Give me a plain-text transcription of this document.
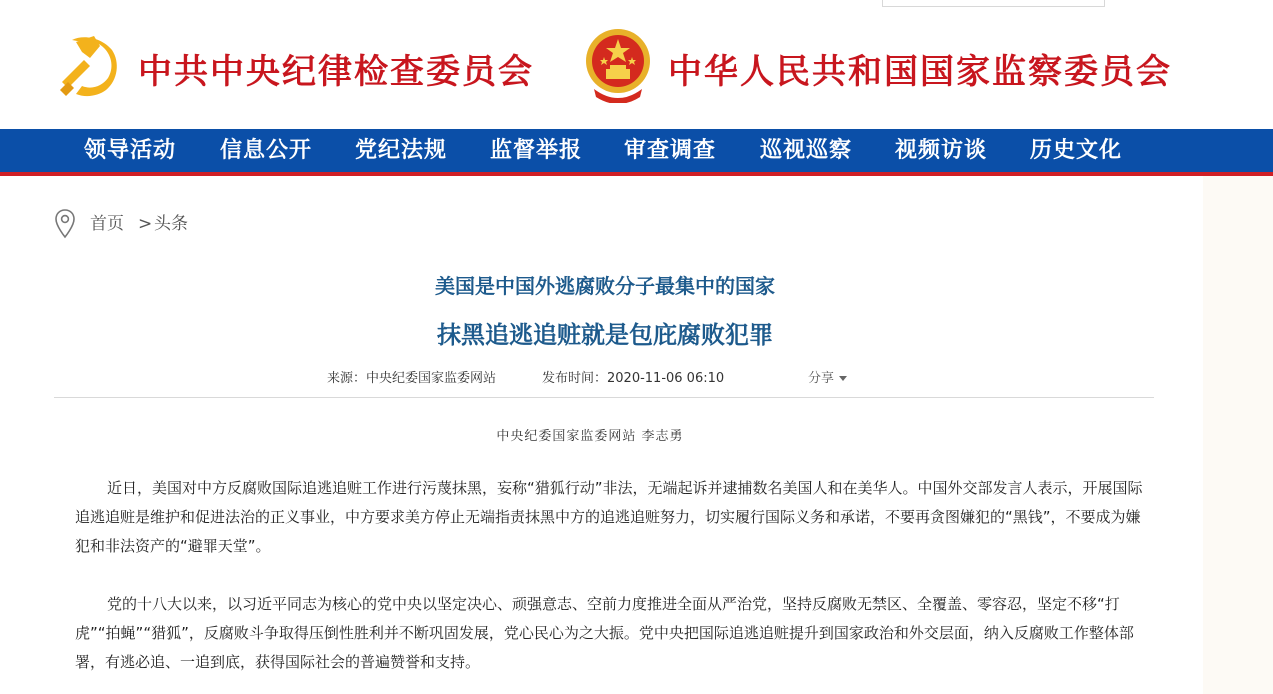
中共中央纪律检查委员会	中华人民共和国国家监察委员会
领导活动 信息公开 党纪法规 监督举报 审查调查 巡视巡察 视频访谈 历史文化
首页 > 头条
美国是中国外逃腐败分子最集中的国家
抹黑追逃追赃就是包庇腐败犯罪
来源：中央纪委国家监委网站	发布时间：2020-11-06 06:10	分享
中央纪委国家监委网站 李志勇

近日，美国对中方反腐败国际追逃追赃工作进行污蔑抹黑，妄称“猎狐行动”非法，无端起诉并逮捕数名美国人和在美华人。中国外交部发言人表示，开展国际追逃追赃是维护和促进法治的正义事业，中方要求美方停止无端指责抹黑中方的追逃追赃努力，切实履行国际义务和承诺，不要再贪图嫌犯的“黑钱”，不要成为嫌犯和非法资产的“避罪天堂”。

党的十八大以来，以习近平同志为核心的党中央以坚定决心、顽强意志、空前力度推进全面从严治党，坚持反腐败无禁区、全覆盖、零容忍，坚定不移“打虎”“拍蝇”“猎狐”，反腐败斗争取得压倒性胜利并不断巩固发展，党心民心为之大振。党中央把国际追逃追赃提升到国家政治和外交层面，纳入反腐败工作整体部署，有逃必追、一追到底，获得国际社会的普遍赞誉和支持。
